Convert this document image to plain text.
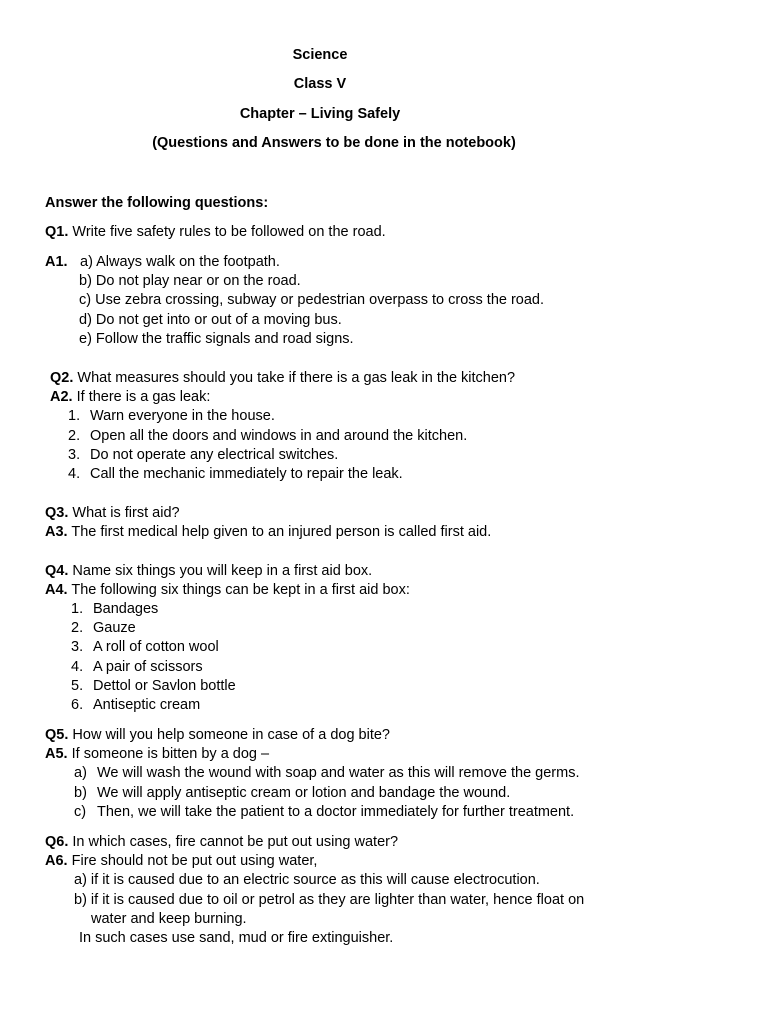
Science
Class V
Chapter – Living Safely
(Questions and Answers to be done in the notebook)
Answer the following questions:
Q1. Write five safety rules to be followed on the road.
A1. a) Always walk on the footpath.
b) Do not play near or on the road.
c) Use zebra crossing, subway or pedestrian overpass to cross the road.
d) Do not get into or out of a moving bus.
e) Follow the traffic signals and road signs.
Q2. What measures should you take if there is a gas leak in the kitchen?
A2. If there is a gas leak:
1. Warn everyone in the house.
2. Open all the doors and windows in and around the kitchen.
3. Do not operate any electrical switches.
4. Call the mechanic immediately to repair the leak.
Q3. What is first aid?
A3. The first medical help given to an injured person is called first aid.
Q4. Name six things you will keep in a first aid box.
A4. The following six things can be kept in a first aid box:
1. Bandages
2. Gauze
3. A roll of cotton wool
4. A pair of scissors
5. Dettol or Savlon bottle
6. Antiseptic cream
Q5. How will you help someone in case of a dog bite?
A5. If someone is bitten by a dog –
a) We will wash the wound with soap and water as this will remove the germs.
b) We will apply antiseptic cream or lotion and bandage the wound.
c) Then, we will take the patient to a doctor immediately for further treatment.
Q6. In which cases, fire cannot be put out using water?
A6. Fire should not be put out using water,
a) if it is caused due to an electric source as this will cause electrocution.
b) if it is caused due to oil or petrol as they are lighter than water, hence float on
water and keep burning.
In such cases use sand, mud or fire extinguisher.
